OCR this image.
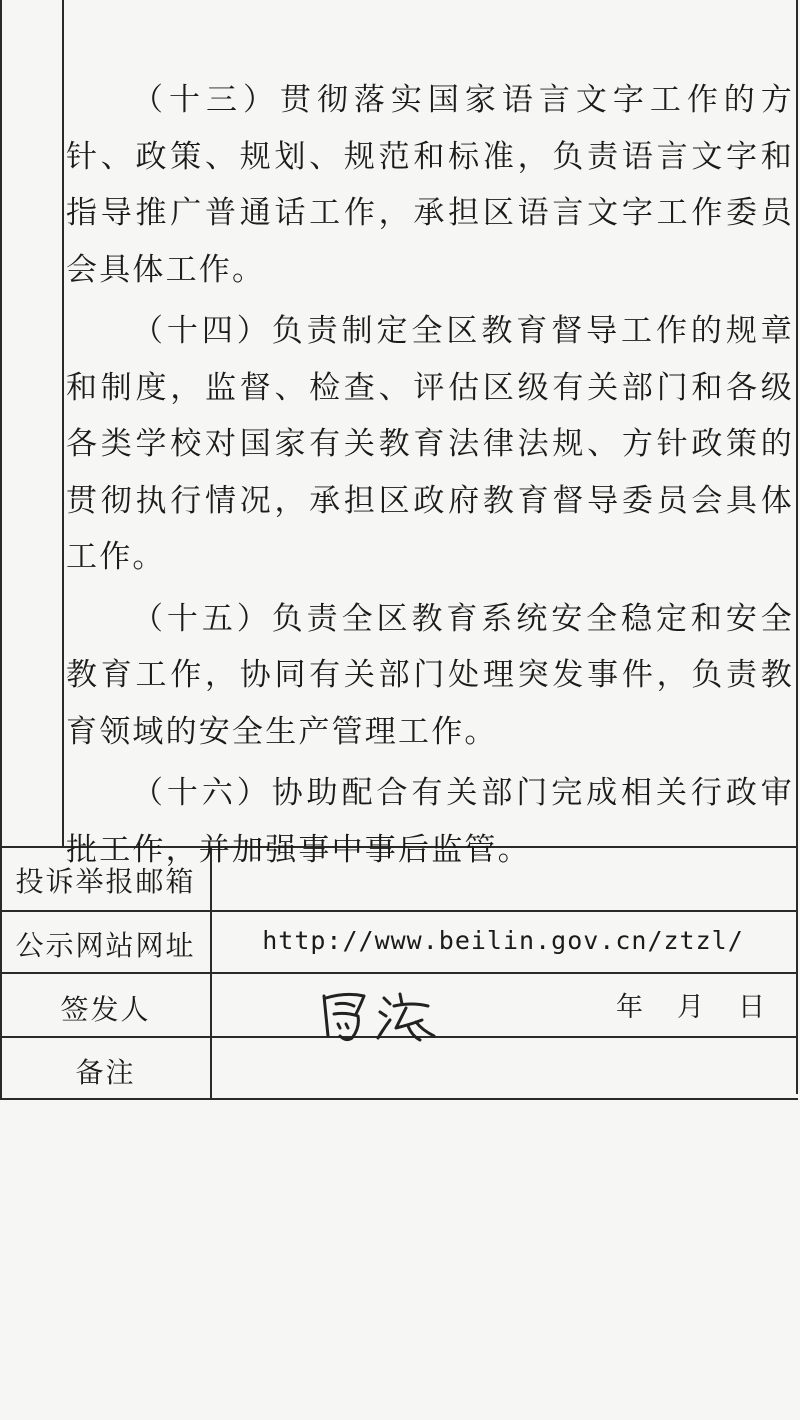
（十三）贯彻落实国家语言文字工作的方针、政策、规划、规范和标准，负责语言文字和指导推广普通话工作，承担区语言文字工作委员会具体工作。

（十四）负责制定全区教育督导工作的规章和制度，监督、检查、评估区级有关部门和各级各类学校对国家有关教育法律法规、方针政策的贯彻执行情况，承担区政府教育督导委员会具体工作。

（十五）负责全区教育系统安全稳定和安全教育工作，协同有关部门处理突发事件，负责教育领域的安全生产管理工作。

（十六）协助配合有关部门完成相关行政审批工作，并加强事中事后监管。

投诉举报邮箱
公示网站网址	http://www.beilin.gov.cn/ztzl/
签发人	年 月 日
备注
